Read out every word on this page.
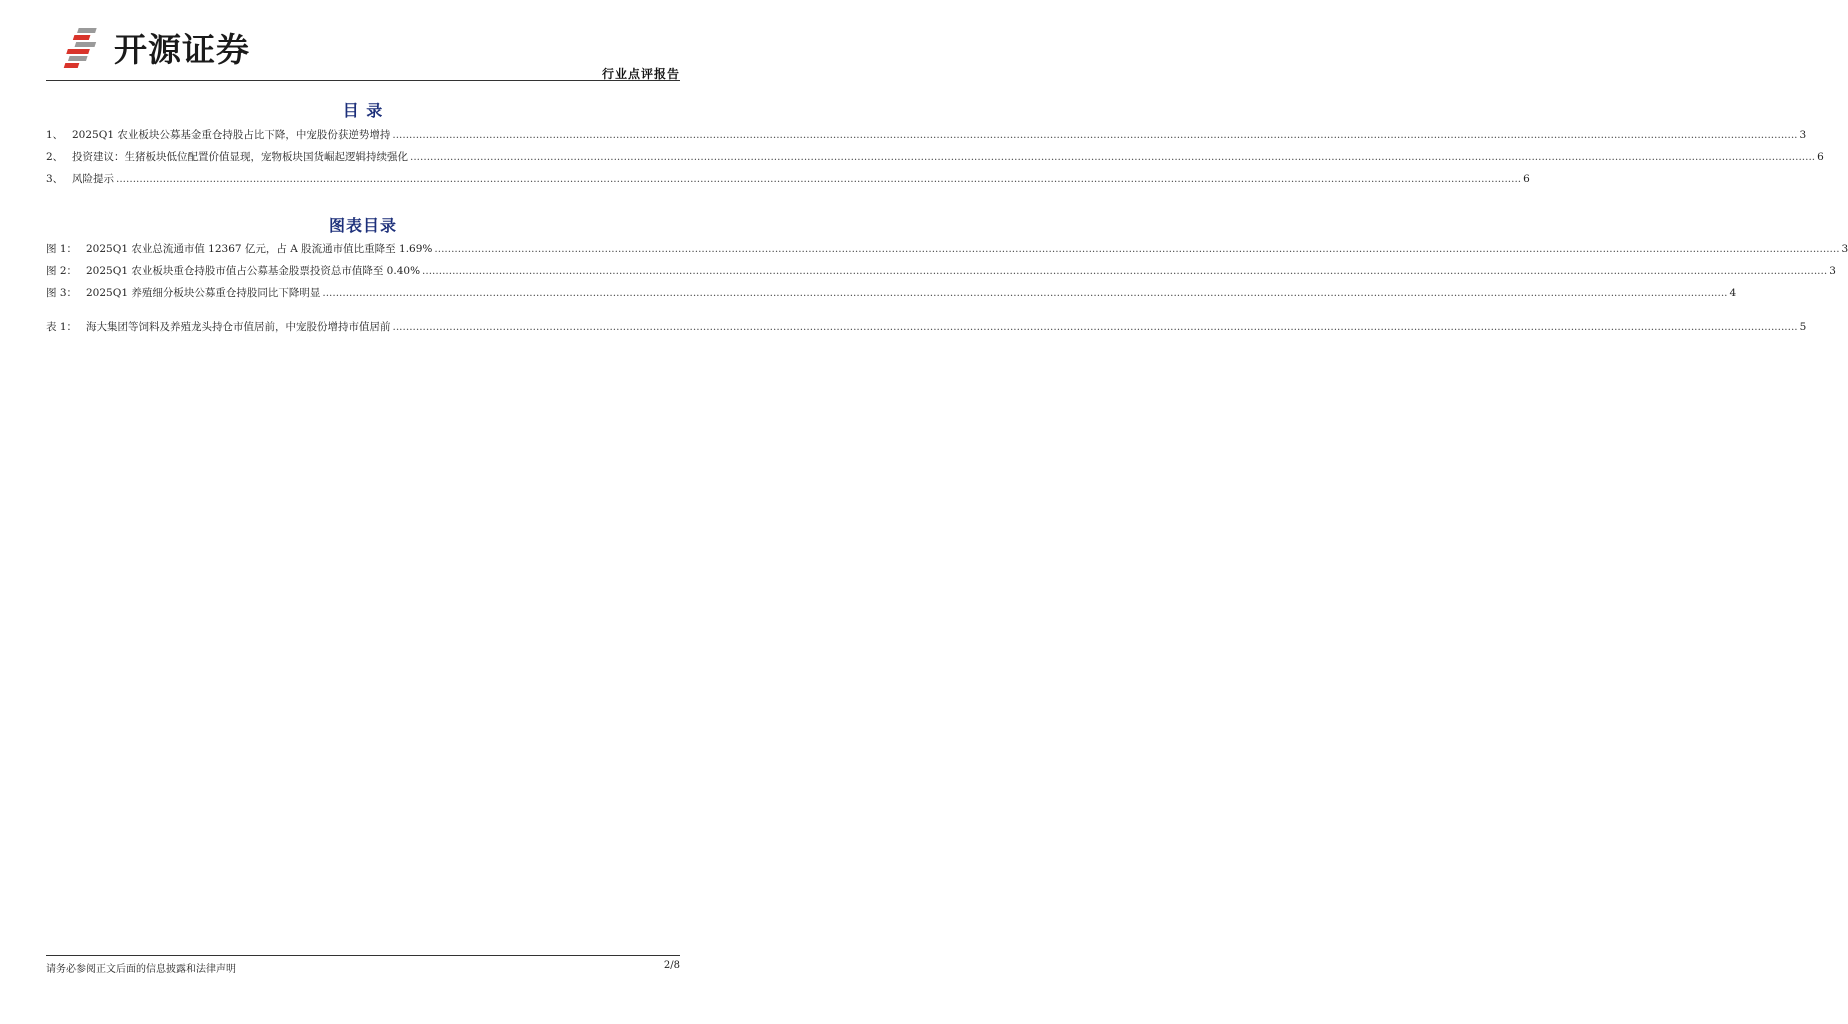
开源证券
行业点评报告
目 录
1、 2025Q1 农业板块公募基金重仓持股占比下降，中宠股份获逆势增持 .....	3
2、 投资建议：生猪板块低位配置价值显现，宠物板块国货崛起逻辑持续强化 .....	6
3、 风险提示 .....	6
图表目录
图 1： 2025Q1 农业总流通市值 12367 亿元，占 A 股流通市值比重降至 1.69% .....	3
图 2： 2025Q1 农业板块重仓持股市值占公募基金股票投资总市值降至 0.40% .....	3
图 3： 2025Q1 养殖细分板块公募重仓持股同比下降明显 .....	4
表 1： 海大集团等饲料及养殖龙头持仓市值居前，中宠股份增持市值居前 .....	5
请务必参阅正文后面的信息披露和法律声明	2/8
